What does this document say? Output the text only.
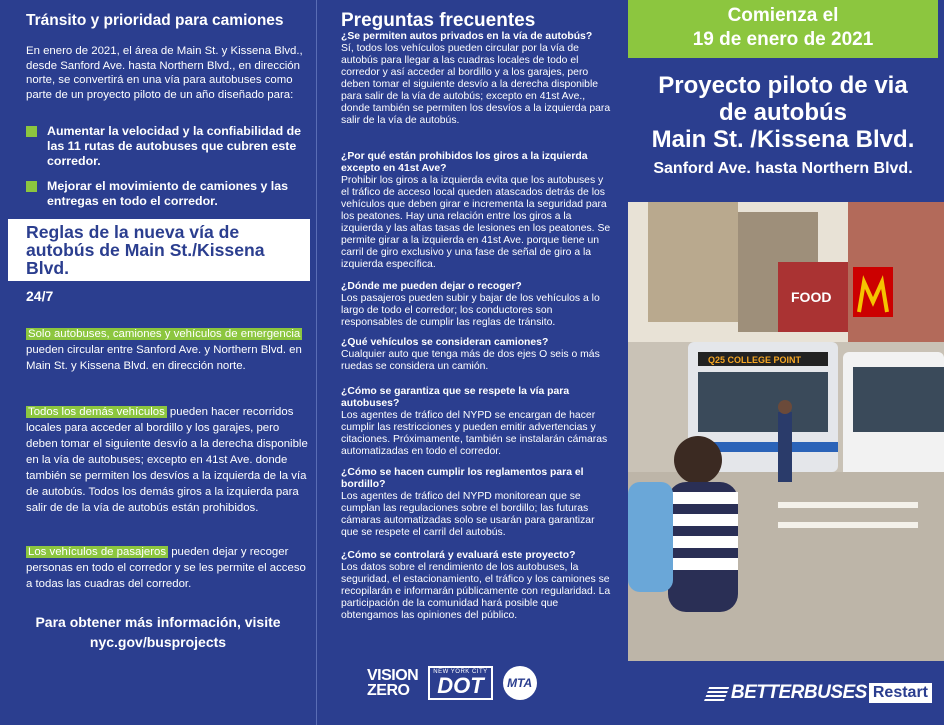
Tránsito y prioridad para camiones
En enero de 2021, el área de Main St. y Kissena Blvd., desde Sanford Ave. hasta Northern Blvd., en dirección norte, se convertirá en una vía para autobuses como parte de un proyecto piloto de un año diseñado para:
Aumentar la velocidad y la confiabilidad de las 11 rutas de autobuses que cubren este corredor.
Mejorar el movimiento de camiones y las entregas en todo el corredor.
Reglas de la nueva vía de autobús de Main St./Kissena Blvd.
24/7
Solo autobuses, camiones y vehículos de emergencia pueden circular entre Sanford Ave. y Northern Blvd. en Main St. y Kissena Blvd. en dirección norte.
Todos los demás vehículos pueden hacer recorridos locales para acceder al bordillo y los garajes, pero deben tomar el siguiente desvío a la derecha disponible en la vía de autobuses; excepto en 41st Ave. donde también se permiten los desvíos a la izquierda de la vía de autobús. Todos los demás giros a la izquierda para salir de de la vía de autobús están prohibidos.
Los vehículos de pasajeros pueden dejar y recoger personas en todo el corredor y se les permite el acceso a todas las cuadras del corredor.
Para obtener más información, visite
nyc.gov/busprojects
Preguntas frecuentes
¿Se permiten autos privados en la vía de autobús?
Sí, todos los vehículos pueden circular por la vía de autobús para llegar a las cuadras locales de todo el corredor y así acceder al bordillo y a los garajes, pero deben tomar el siguiente desvío a la derecha disponible para salir de la vía de autobús; excepto en 41st Ave., donde también se permiten los desvíos a la izquierda para salir de la vía de autobús.
¿Por qué están prohibidos los giros a la izquierda excepto en 41st Ave?
Prohibir los giros a la izquierda evita que los autobuses y el tráfico de acceso local queden atascados detrás de los vehículos que deben girar e incrementa la seguridad para los peatones. Hay una relación entre los giros a la izquierda y las altas tasas de lesiones en los peatones. Se permite girar a la izquierda en 41st Ave. porque tiene un carril de giro exclusivo y una fase de señal de giro a la izquierda específica.
¿Dónde me pueden dejar o recoger?
Los pasajeros pueden subir y bajar de los vehículos a lo largo de todo el corredor; los conductores son responsables de cumplir las reglas de tránsito.
¿Qué vehículos se consideran camiones?
Cualquier auto que tenga más de dos ejes O seis o más ruedas se considera un camión.
¿Cómo se garantiza que se respete la vía para autobuses?
Los agentes de tráfico del NYPD se encargan de hacer cumplir las restricciones y pueden emitir advertencias y citaciones. Próximamente, también se instalarán cámaras automatizadas en todo el corredor.
¿Cómo se hacen cumplir los reglamentos para el bordillo?
Los agentes de tráfico del NYPD monitorean que se cumplan las regulaciones sobre el bordillo; las futuras cámaras automatizadas solo se usarán para garantizar que se respete el carril del autobús.
¿Cómo se controlará y evaluará este proyecto?
Los datos sobre el rendimiento de los autobuses, la seguridad, el estacionamiento, el tráfico y los camiones se recopilarán e informarán públicamente con regularidad. La participación de la comunidad hará posible que obtengamos las opiniones del público.
VISION
ZERO
NEW YORK CITY
DOT	MTA
Comienza el
19 de enero de 2021
Proyecto piloto de via
de autobús
Main St. /Kissena Blvd.
Sanford Ave. hasta Northern Blvd.
FOOD
Q25 COLLEGE POINT
BETTERBUSES Restart
